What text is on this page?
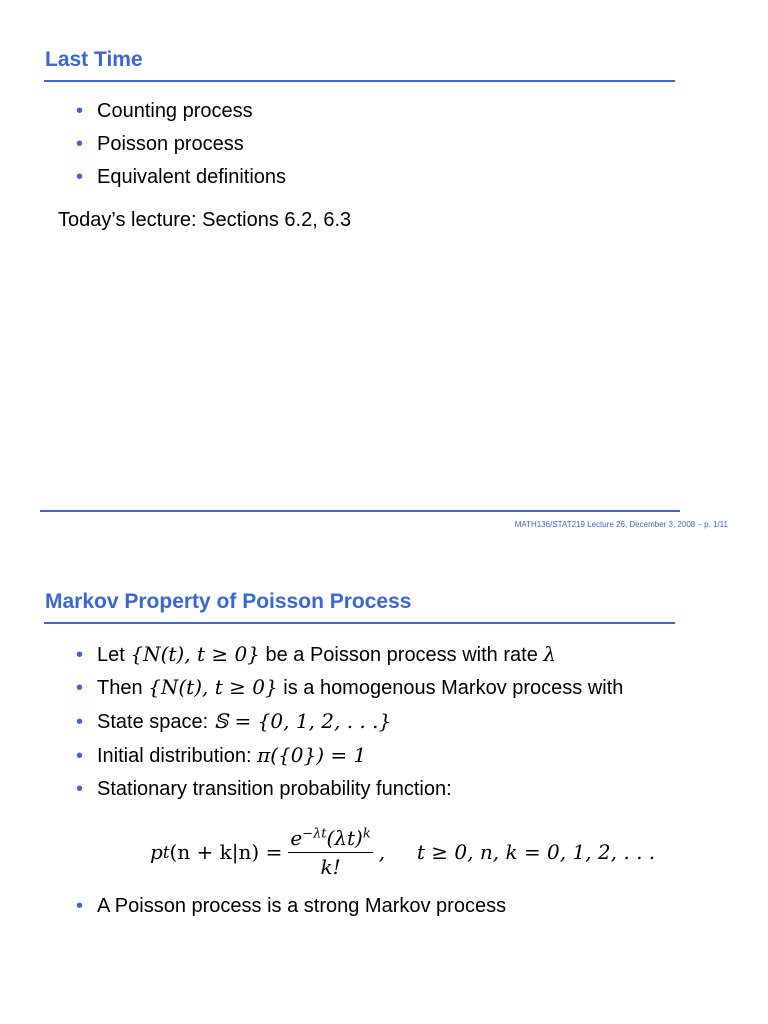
Last Time
• Counting process
• Poisson process
• Equivalent definitions

Today’s lecture: Sections 6.2, 6.3

MATH136/STAT219 Lecture 26, December 3, 2008 – p. 1/11
Markov Property of Poisson Process
• Let {N(t), t ≥ 0} be a Poisson process with rate λ
• Then {N(t), t ≥ 0} is a homogenous Markov process with
• State space: 𝕊 = {0, 1, 2, . . .}
• Initial distribution: π({0}) = 1
• Stationary transition probability function:
p t $(n + k|n) = \frac{e^{-\lambda t}(\lambda t)^k}{k!}$ ,     t ≥ 0, n, k = 0, 1, 2, . . .
• A Poisson process is a strong Markov process
